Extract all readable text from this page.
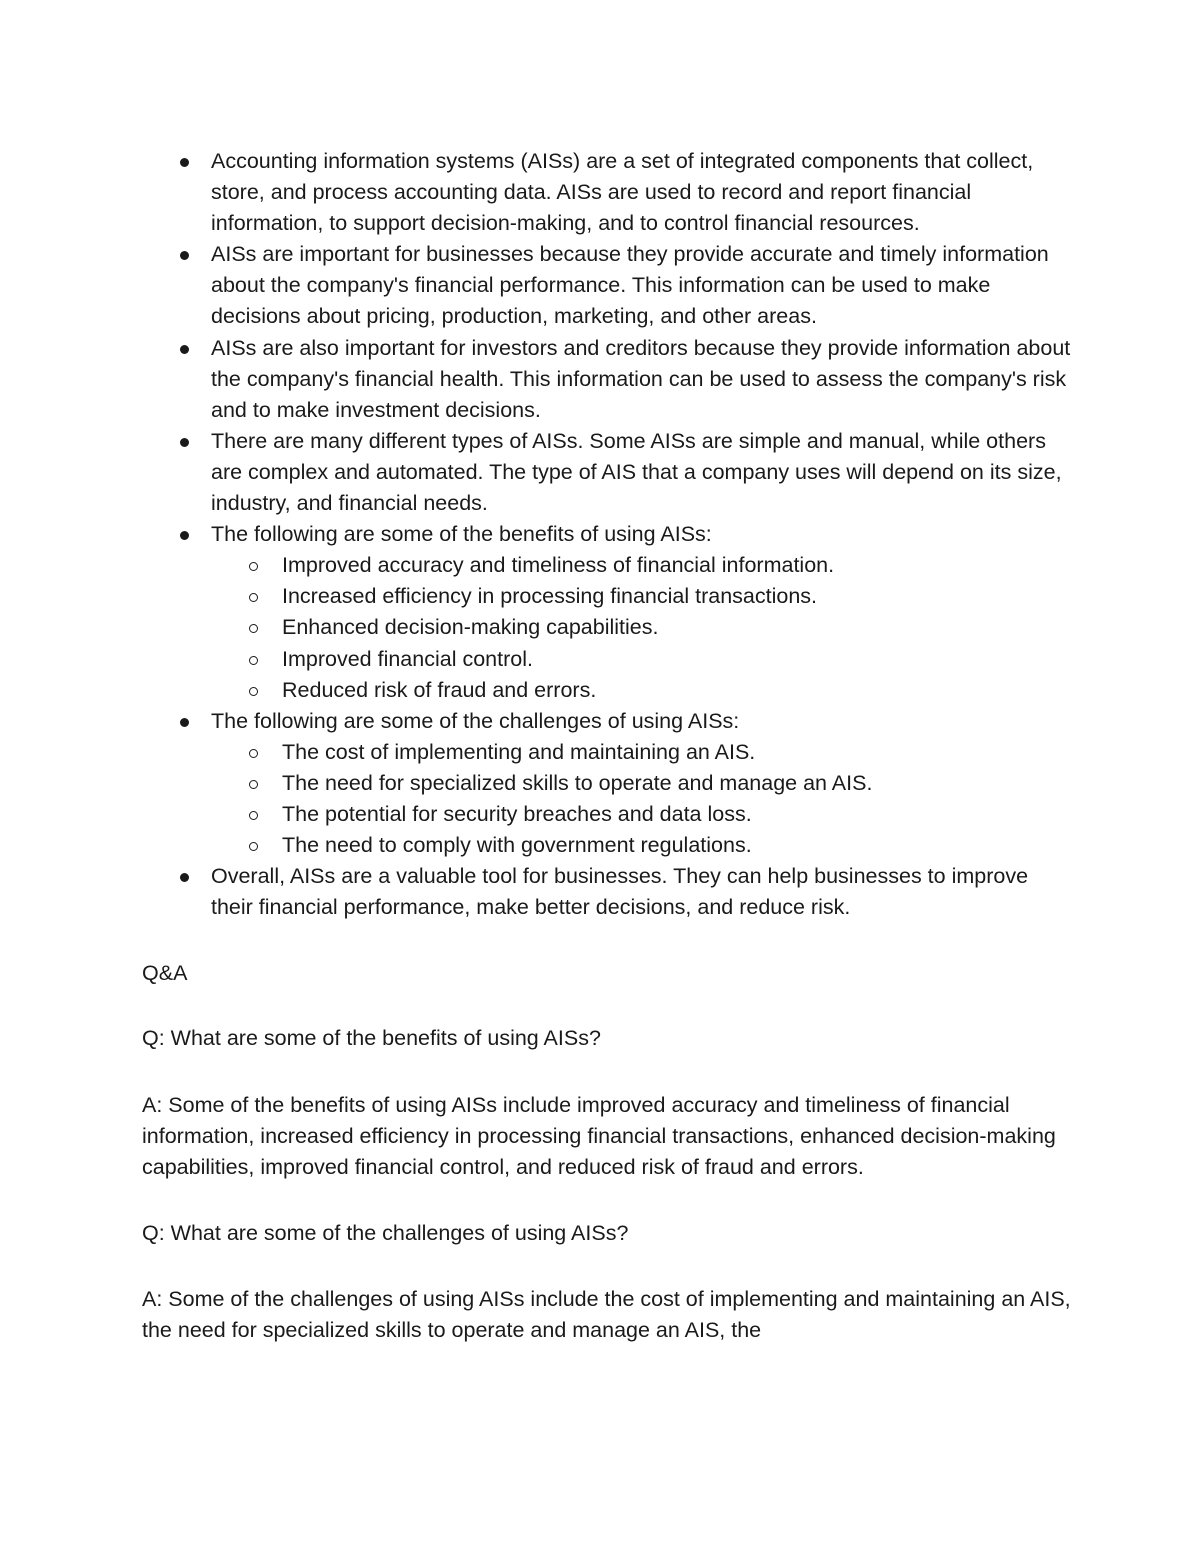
Accounting information systems (AISs) are a set of integrated components that collect, store, and process accounting data. AISs are used to record and report financial information, to support decision-making, and to control financial resources.
AISs are important for businesses because they provide accurate and timely information about the company's financial performance. This information can be used to make decisions about pricing, production, marketing, and other areas.
AISs are also important for investors and creditors because they provide information about the company's financial health. This information can be used to assess the company's risk and to make investment decisions.
There are many different types of AISs. Some AISs are simple and manual, while others are complex and automated. The type of AIS that a company uses will depend on its size, industry, and financial needs.
The following are some of the benefits of using AISs:
Improved accuracy and timeliness of financial information.
Increased efficiency in processing financial transactions.
Enhanced decision-making capabilities.
Improved financial control.
Reduced risk of fraud and errors.
The following are some of the challenges of using AISs:
The cost of implementing and maintaining an AIS.
The need for specialized skills to operate and manage an AIS.
The potential for security breaches and data loss.
The need to comply with government regulations.
Overall, AISs are a valuable tool for businesses. They can help businesses to improve their financial performance, make better decisions, and reduce risk.

Q&A

Q: What are some of the benefits of using AISs?

A: Some of the benefits of using AISs include improved accuracy and timeliness of financial information, increased efficiency in processing financial transactions, enhanced decision-making capabilities, improved financial control, and reduced risk of fraud and errors.

Q: What are some of the challenges of using AISs?

A: Some of the challenges of using AISs include the cost of implementing and maintaining an AIS, the need for specialized skills to operate and manage an AIS, the
